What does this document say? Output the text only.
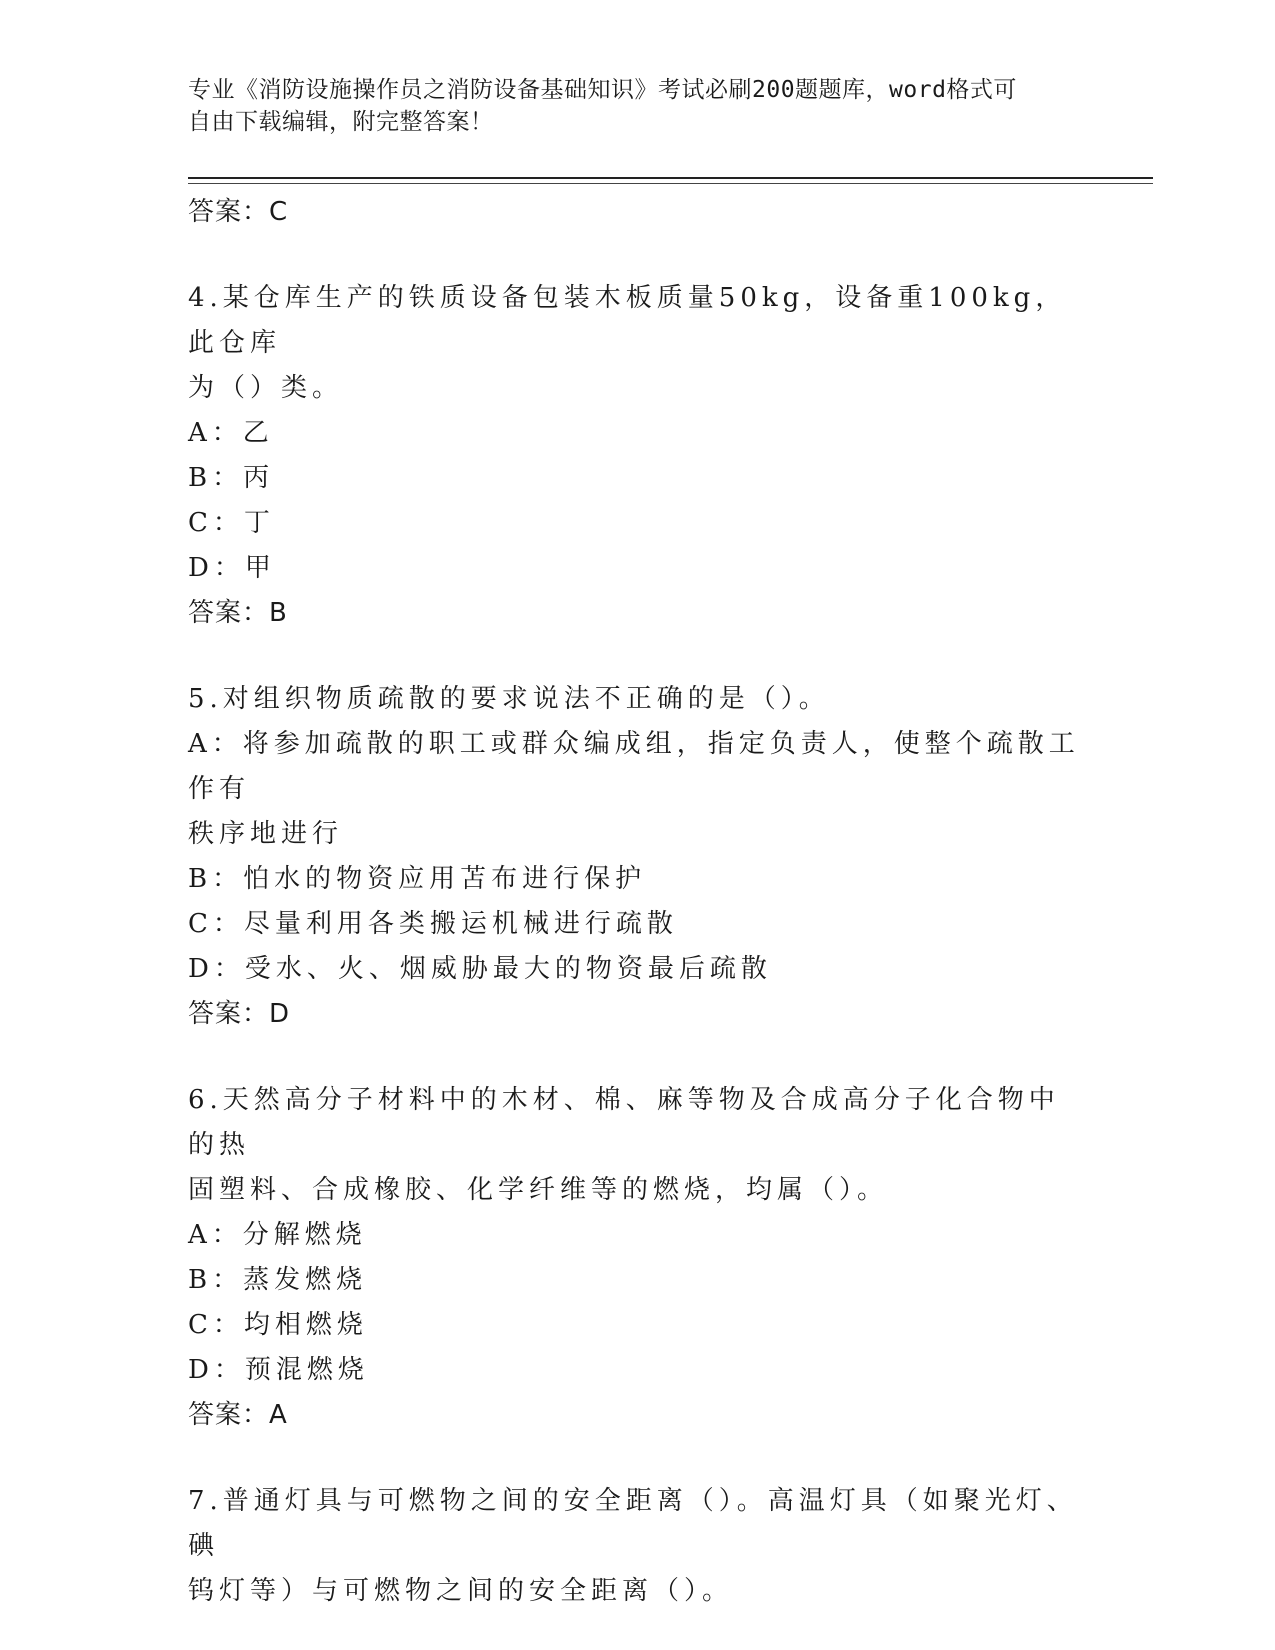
专业《消防设施操作员之消防设备基础知识》考试必刷200题题库，word格式可
自由下载编辑，附完整答案！

答案：C

4.某仓库生产的铁质设备包装木板质量50kg，设备重100kg，此仓库

为（）类。

A：乙

B：丙

C：丁

D：甲

答案：B

5.对组织物质疏散的要求说法不正确的是（）。

A：将参加疏散的职工或群众编成组，指定负责人，使整个疏散工作有

秩序地进行

B：怕水的物资应用苫布进行保护

C：尽量利用各类搬运机械进行疏散

D：受水、火、烟威胁最大的物资最后疏散

答案：D

6.天然高分子材料中的木材、棉、麻等物及合成高分子化合物中的热

固塑料、合成橡胶、化学纤维等的燃烧，均属（）。

A：分解燃烧

B：蒸发燃烧

C：均相燃烧

D：预混燃烧

答案：A

7.普通灯具与可燃物之间的安全距离（）。高温灯具（如聚光灯、碘

钨灯等）与可燃物之间的安全距离（）。
